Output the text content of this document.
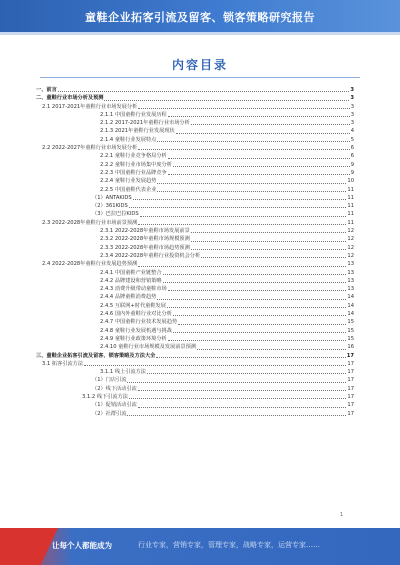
童鞋企业拓客引流及留客、锁客策略研究报告
内容目录
一、前言	3
二、童鞋行业市场分析及预测	3
2.1 2017-2021年童鞋行业市场发展分析	3
2.1.1 中国童鞋行业发展历程	3
2.1.2 2017-2021年童鞋行业市场分析	3
2.1.3 2021年童鞋行业发展现状	4
2.1.4 童鞋行业发展特点	5
2.2 2022-2027年童鞋行业市场发展分析	6
2.2.1 童鞋行业竞争格局分析	6
2.2.2 童鞋行业市场集中度分析	9
2.2.3 中国童鞋行业品牌竞争	9
2.2.4 童鞋行业发展趋势	10
2.2.5 中国童鞋代表企业	11
（1）ANTAKIDS	11
（2）361KIDS	11
（3）巴拉巴拉KIDS	11
2.3 2022-2028年童鞋行业市场前景预测	11
2.3.1 2022-2028年童鞋市场发展前景	12
2.3.2 2022-2028年童鞋市场规模预测	12
2.3.3 2022-2028年童鞋市场趋势预测	12
2.3.4 2022-2028年童鞋行业投资机会分析	12
2.4 2022-2028年童鞋行业发展趋势预测	13
2.4.1 中国童鞋产业链整合	13
2.4.2 品牌建设和营销策略	13
2.4.3 消费升级带动童鞋市场	13
2.4.4 品牌童鞋消费趋势	14
2.4.5 互联网+时代童鞋发展	14
2.4.6 国内外童鞋行业对比分析	14
2.4.7 中国童鞋行业技术发展趋势	15
2.4.8 童鞋行业发展机遇与挑战	15
2.4.9 童鞋行业政策环境分析	15
2.4.10 童鞋行业市场规模及发展前景预测	16
三、童鞋企业拓客引流及留客、锁客策略及方法大全	17
3.1 拓客引流方法	17
3.1.1 线上引流方法	17
（1）门店引流	17
（2）线下活动引流	17
3.1.2 线下引流方法	17
（1）促销活动引流	17
（2）社群引流	17
1
让每个人都能成为	行业专家，营销专家，管理专家，战略专家，运营专家……
